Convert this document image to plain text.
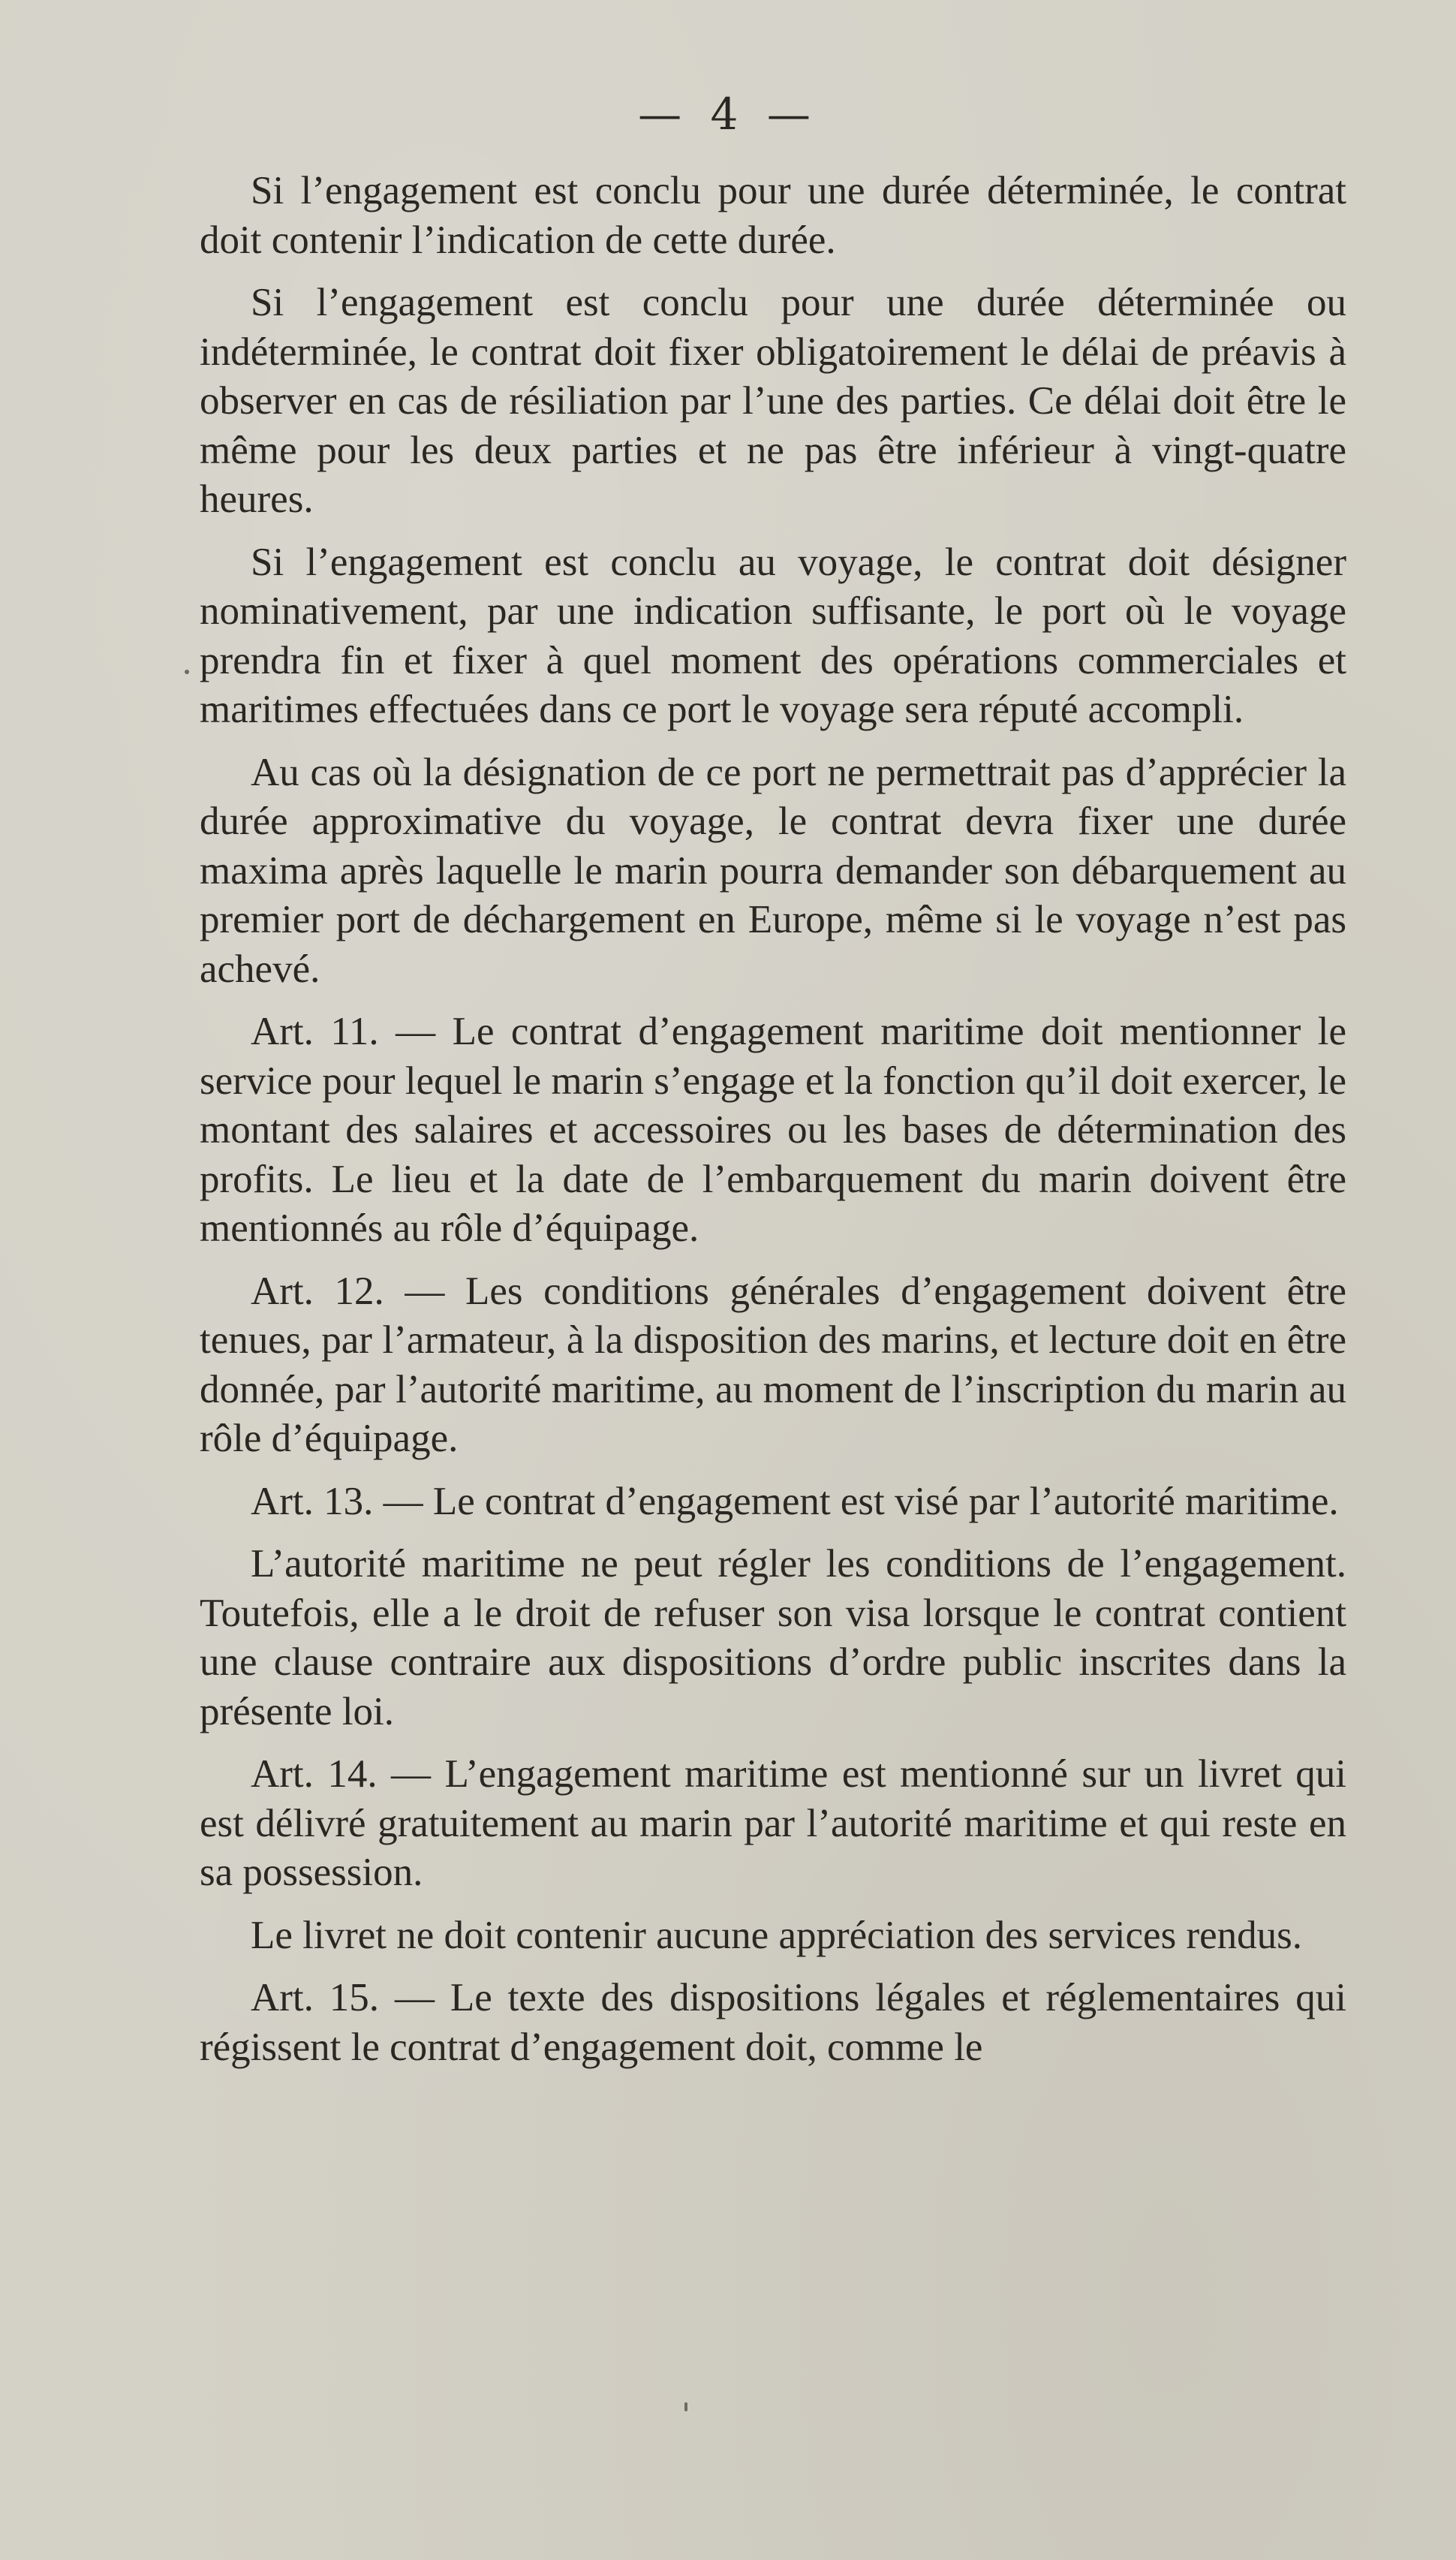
— 4 —

Si l’engagement est conclu pour une durée déterminée, le contrat doit contenir l’indication de cette durée.

Si l’engagement est conclu pour une durée déterminée ou indéterminée, le contrat doit fixer obligatoirement le délai de préavis à observer en cas de résiliation par l’une des parties. Ce délai doit être le même pour les deux parties et ne pas être inférieur à vingt-quatre heures.

Si l’engagement est conclu au voyage, le contrat doit désigner nominativement, par une indication suffisante, le port où le voyage prendra fin et fixer à quel moment des opérations commerciales et maritimes effectuées dans ce port le voyage sera réputé accompli.

Au cas où la désignation de ce port ne permettrait pas d’apprécier la durée approximative du voyage, le contrat devra fixer une durée maxima après laquelle le marin pourra demander son débarquement au premier port de déchargement en Europe, même si le voyage n’est pas achevé.

Art. 11. — Le contrat d’engagement maritime doit mentionner le service pour lequel le marin s’engage et la fonction qu’il doit exercer, le montant des salaires et accessoires ou les bases de détermination des profits. Le lieu et la date de l’embarquement du marin doivent être mentionnés au rôle d’équipage.

Art. 12. — Les conditions générales d’engagement doivent être tenues, par l’armateur, à la disposition des marins, et lecture doit en être donnée, par l’autorité maritime, au moment de l’inscription du marin au rôle d’équipage.

Art. 13. — Le contrat d’engagement est visé par l’autorité maritime.

L’autorité maritime ne peut régler les conditions de l’engagement. Toutefois, elle a le droit de refuser son visa lorsque le contrat contient une clause contraire aux dispositions d’ordre public inscrites dans la présente loi.

Art. 14. — L’engagement maritime est mentionné sur un livret qui est délivré gratuitement au marin par l’autorité maritime et qui reste en sa possession.

Le livret ne doit contenir aucune appréciation des services rendus.

Art. 15. — Le texte des dispositions légales et réglementaires qui régissent le contrat d’engagement doit, comme le
